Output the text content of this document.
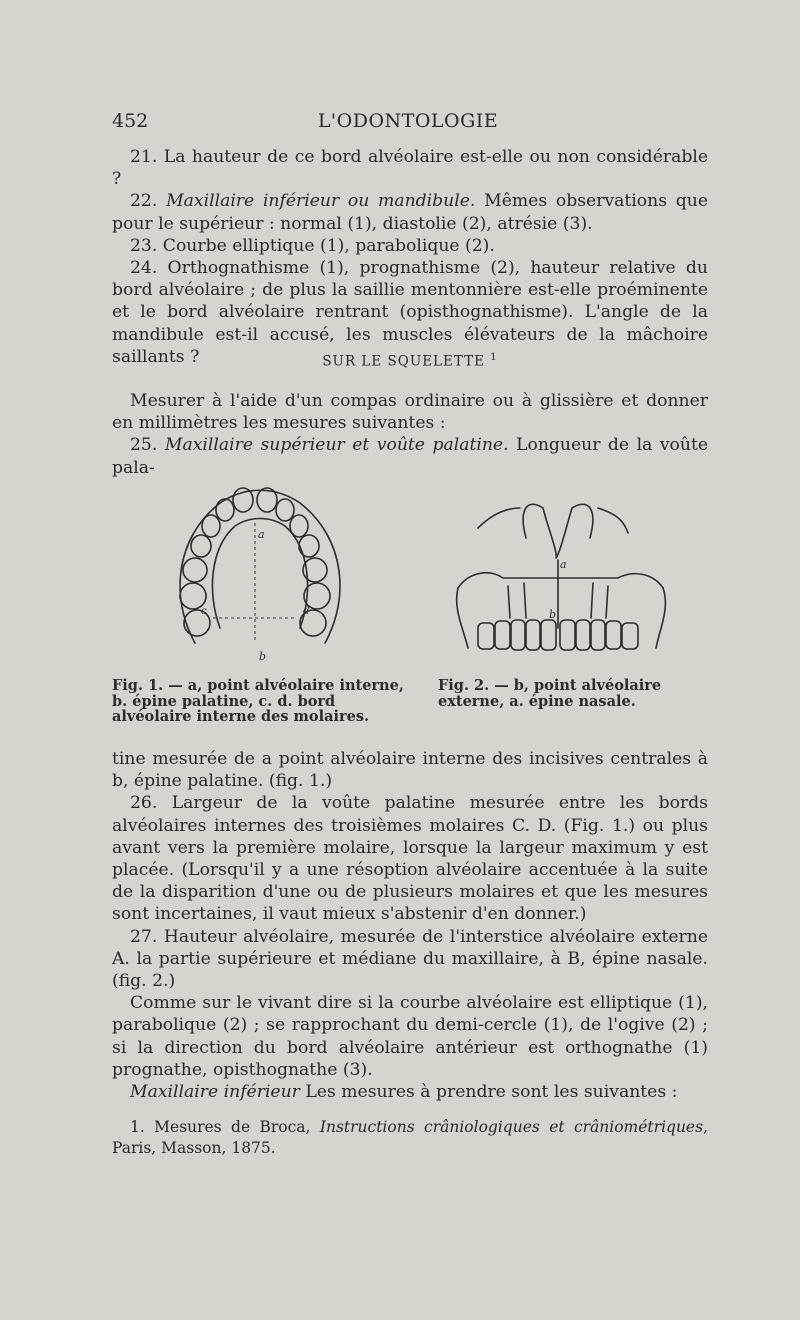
452	L'ODONTOLOGIE

21. La hauteur de ce bord alvéolaire est-elle ou non considérable ?

22. Maxillaire inférieur ou mandibule. Mêmes observations que pour le supérieur : normal (1), diastolie (2), atrésie (3).

23. Courbe elliptique (1), parabolique (2).

24. Orthognathisme (1), prognathisme (2), hauteur relative du bord alvéolaire ; de plus la saillie mentonnière est-elle proéminente et le bord alvéolaire rentrant (opisthognathisme). L'angle de la mandibule est-il accusé, les muscles élévateurs de la mâchoire saillants ?	SUR LE SQUELETTE $^1$

Mesurer à l'aide d'un compas ordinaire ou à glissière et donner en millimètres les mesures suivantes :

25. Maxillaire supérieur et voûte palatine. Longueur de la voûte pala-

a
b
c	d
a
b
Fig. 1. — a, point alvéolaire interne, b. épine palatine, c. d. bord alvéolaire interne des molaires.
Fig. 2. — b, point alvéolaire externe, a. épine nasale.

tine mesurée de a point alvéolaire interne des incisives centrales à b, épine palatine. (fig. 1.)

26. Largeur de la voûte palatine mesurée entre les bords alvéolaires internes des troisièmes molaires C. D. (Fig. 1.) ou plus avant vers la première molaire, lorsque la largeur maximum y est placée. (Lorsqu'il y a une résoption alvéolaire accentuée à la suite de la disparition d'une ou de plusieurs molaires et que les mesures sont incertaines, il vaut mieux s'abstenir d'en donner.)

27. Hauteur alvéolaire, mesurée de l'interstice alvéolaire externe A. la partie supérieure et médiane du maxillaire, à B, épine nasale. (fig. 2.)

Comme sur le vivant dire si la courbe alvéolaire est elliptique (1), parabolique (2) ; se rapprochant du demi-cercle (1), de l'ogive (2) ; si la direction du bord alvéolaire antérieur est orthognathe (1) prognathe, opisthognathe (3).

Maxillaire inférieur Les mesures à prendre sont les suivantes :

1. Mesures de Broca, Instructions crâniologiques et crâniométriques, Paris, Masson, 1875.
